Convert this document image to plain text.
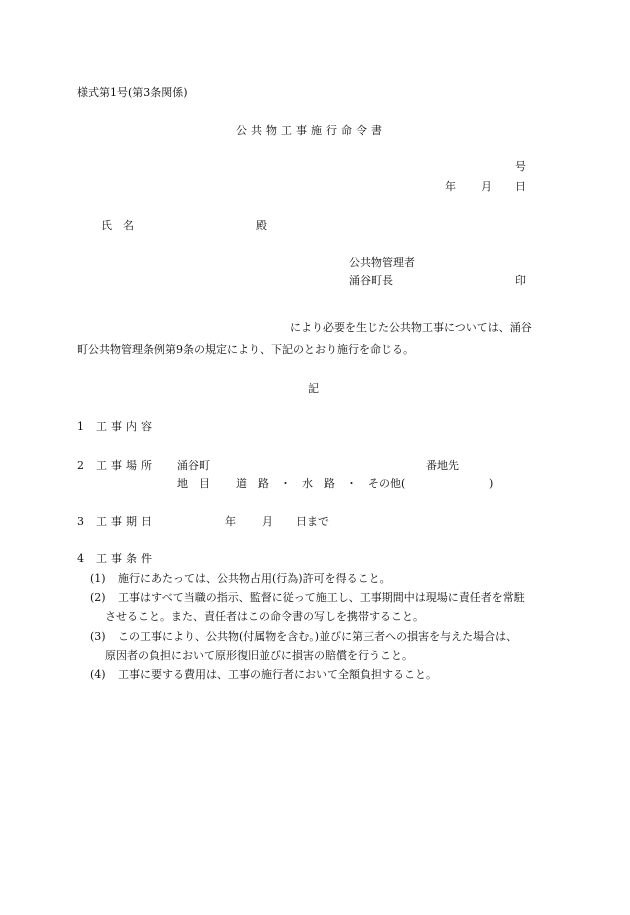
様式第1号(第3条関係)
公共物工事施行命令書
号
年 月 日
氏　名	殿
公共物管理者
涌谷町長	印
により必要を生じた公共物工事については、涌谷
町公共物管理条例第9条の規定により、下記のとおり施行を命じる。
記
1 工事内容
2 工事場所 涌谷町	番地先
地　目 道　路　・　水　路　・　その他(	)
3 工事期日	年 月 日まで
4 工事条件
(1) 施行にあたっては、公共物占用(行為)許可を得ること。
(2) 工事はすべて当職の指示、監督に従って施工し、工事期間中は現場に責任者を常駐
させること。また、責任者はこの命令書の写しを携帯すること。
(3) この工事により、公共物(付属物を含む。)並びに第三者への損害を与えた場合は、
原因者の負担において原形復旧並びに損害の賠償を行うこと。
(4) 工事に要する費用は、工事の施行者において全額負担すること。
